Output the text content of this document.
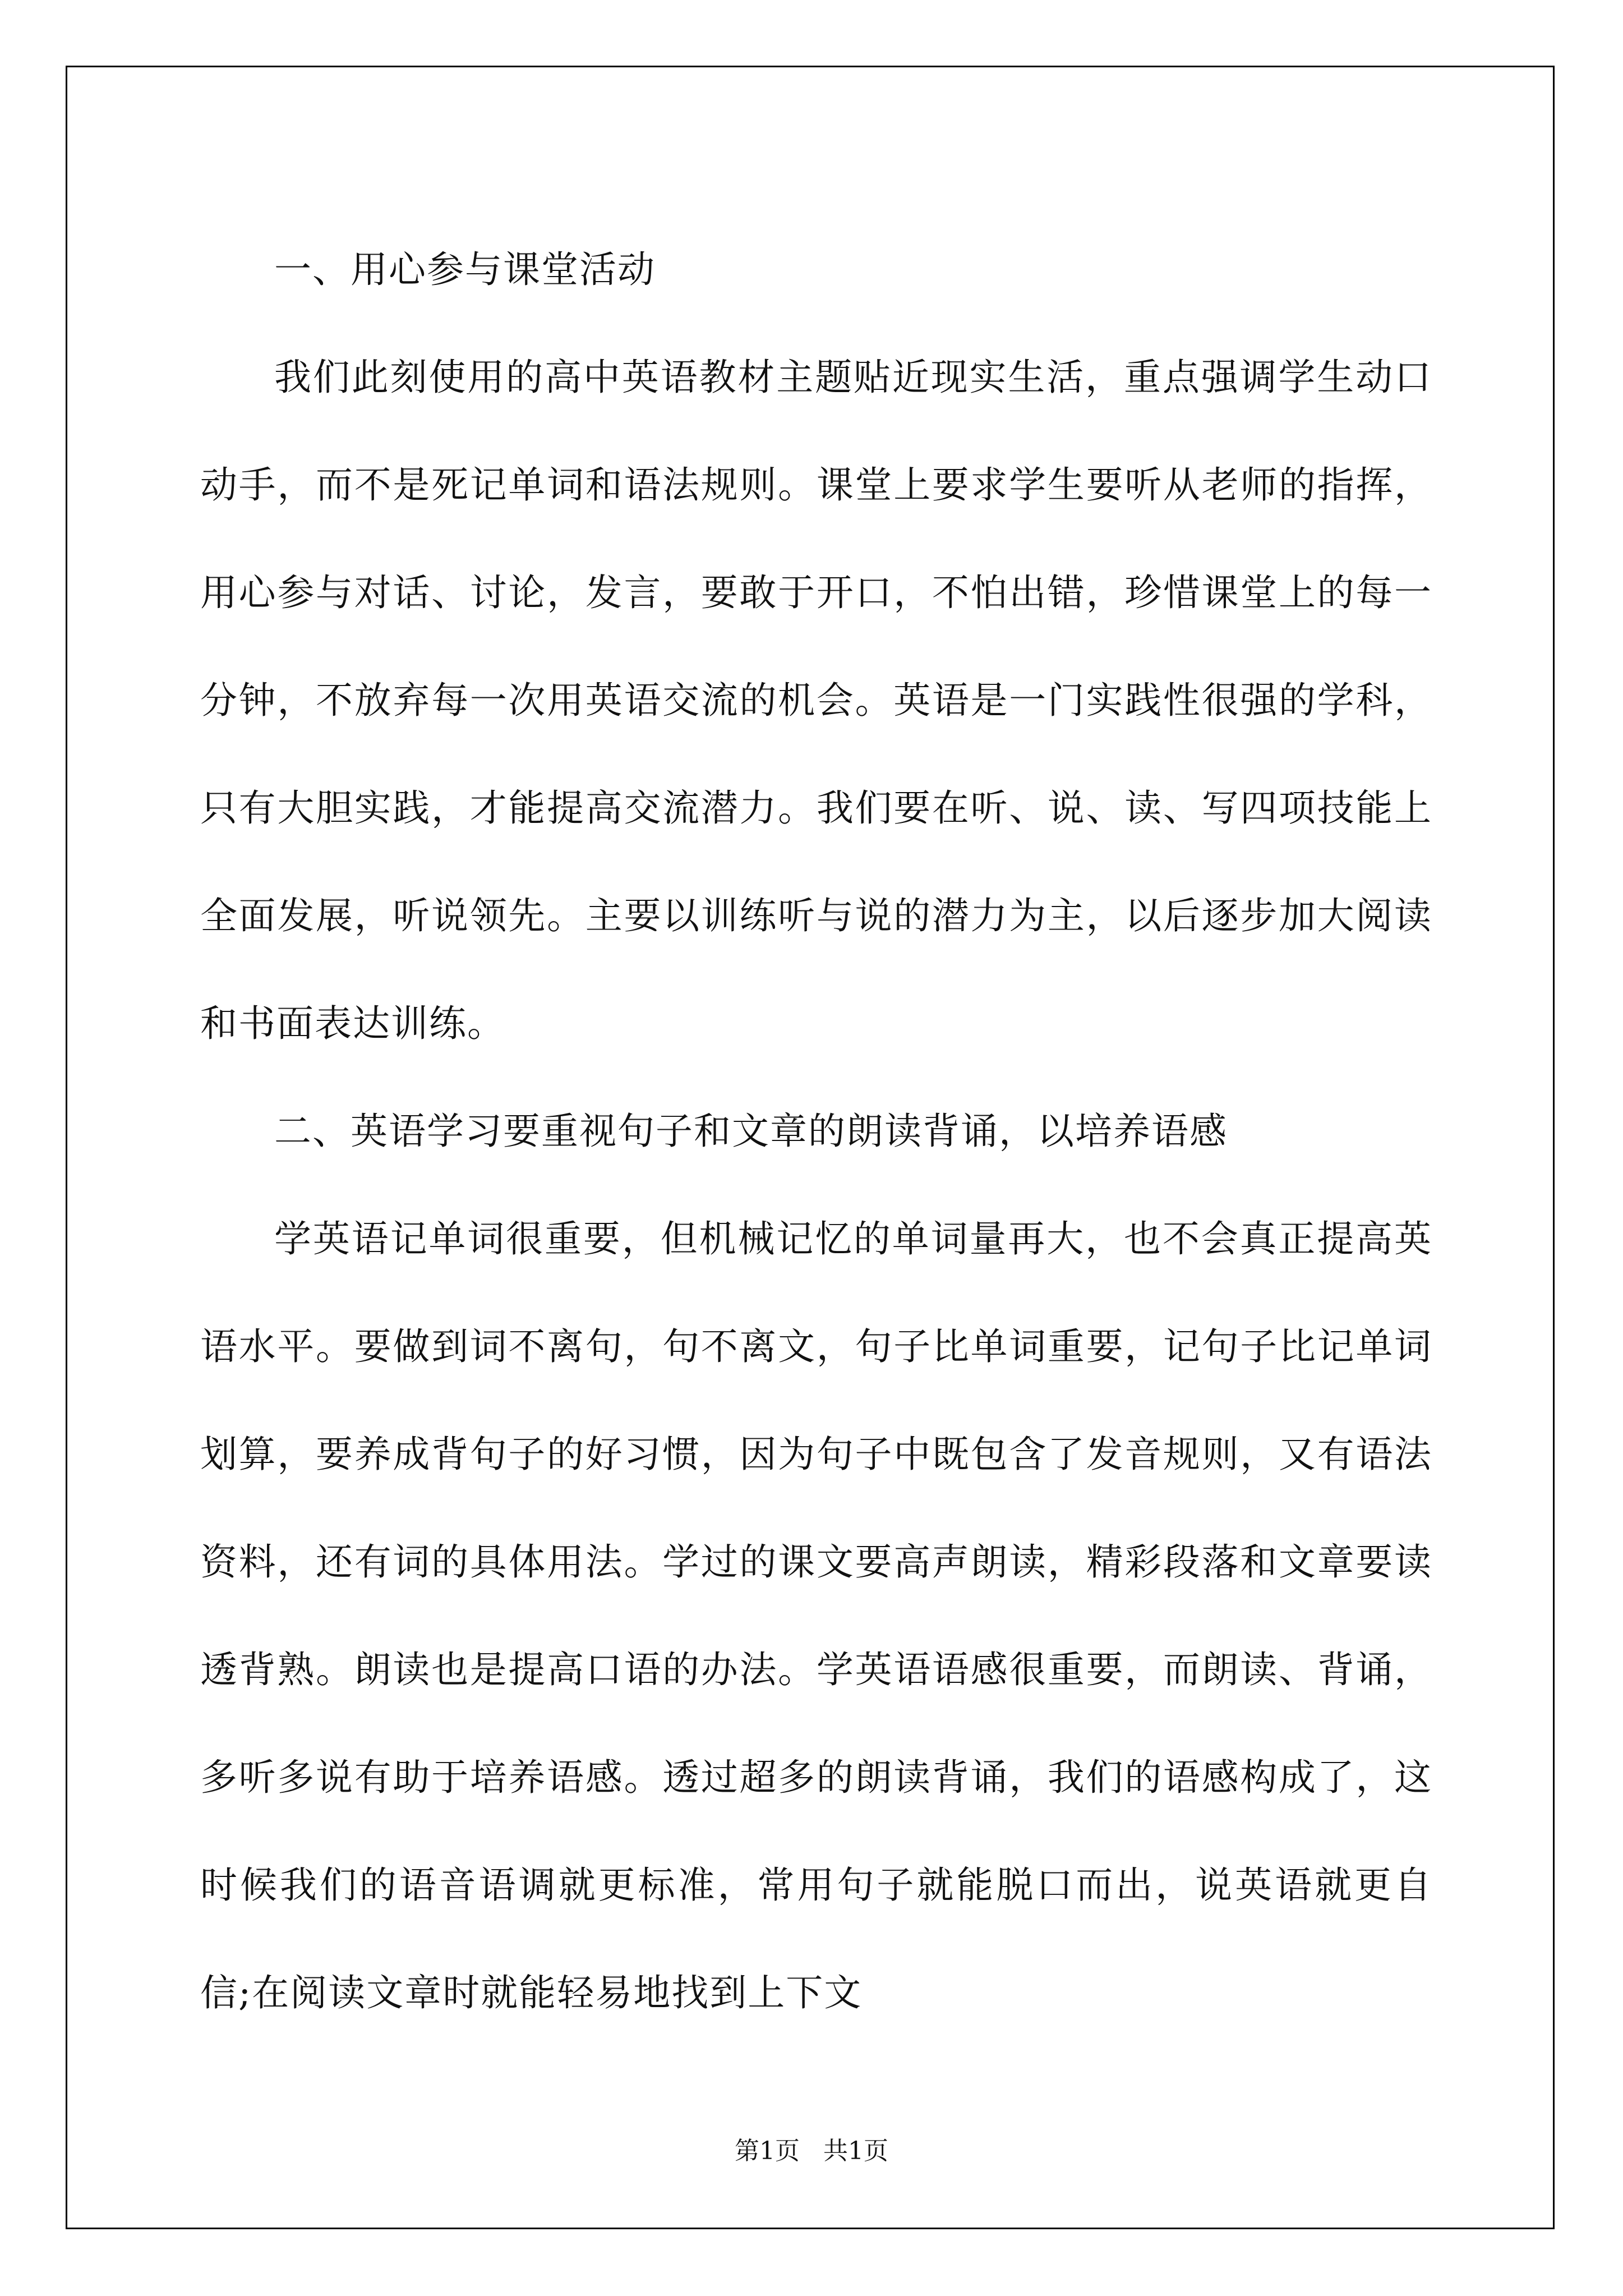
一、用心参与课堂活动

我们此刻使用的高中英语教材主题贴近现实生活，重点强调学生动口动手，而不是死记单词和语法规则。课堂上要求学生要听从老师的指挥，用心参与对话、讨论，发言，要敢于开口，不怕出错，珍惜课堂上的每一分钟，不放弃每一次用英语交流的机会。英语是一门实践性很强的学科，只有大胆实践，才能提高交流潜力。我们要在听、说、读、写四项技能上全面发展，听说领先。主要以训练听与说的潜力为主，以后逐步加大阅读和书面表达训练。

二、英语学习要重视句子和文章的朗读背诵，以培养语感

学英语记单词很重要，但机械记忆的单词量再大，也不会真正提高英语水平。要做到词不离句，句不离文，句子比单词重要，记句子比记单词划算，要养成背句子的好习惯，因为句子中既包含了发音规则，又有语法资料，还有词的具体用法。学过的课文要高声朗读，精彩段落和文章要读透背熟。朗读也是提高口语的办法。学英语语感很重要，而朗读、背诵，多听多说有助于培养语感。透过超多的朗读背诵，我们的语感构成了，这时候我们的语音语调就更标准，常用句子就能脱口而出，说英语就更自信;在阅读文章时就能轻易地找到上下文

第1页 共1页
